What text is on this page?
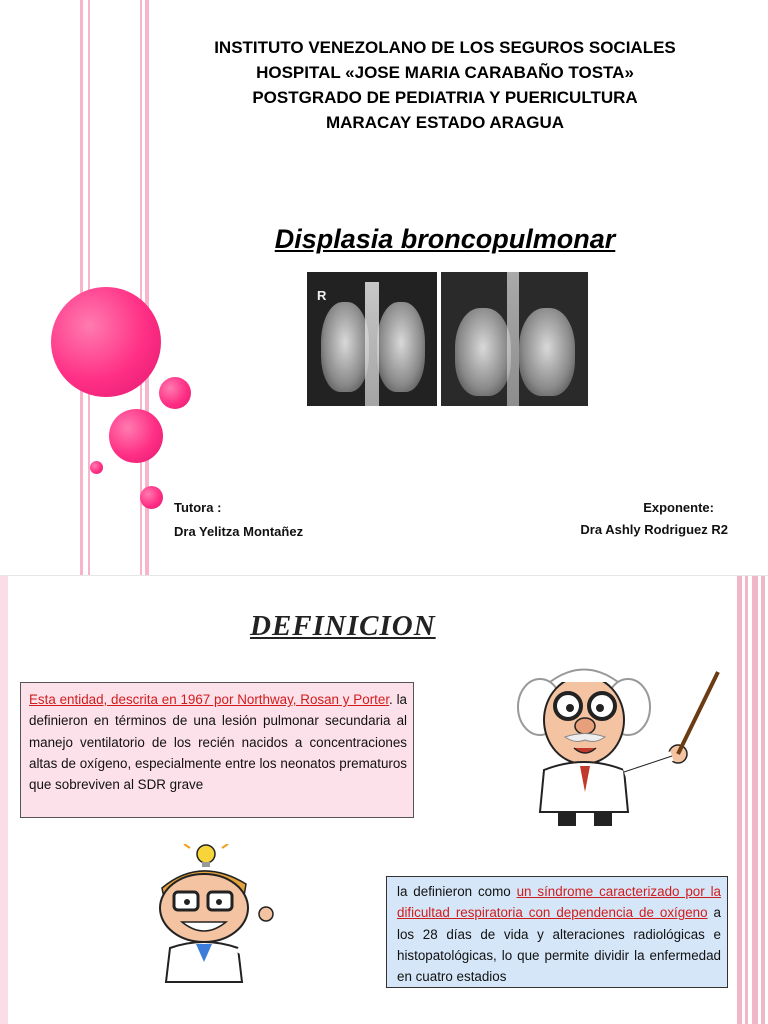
INSTITUTO VENEZOLANO DE LOS SEGUROS SOCIALES
HOSPITAL «JOSE MARIA CARABAÑO TOSTA»
POSTGRADO DE PEDIATRIA Y PUERICULTURA
MARACAY ESTADO ARAGUA
Displasia broncopulmonar
R
Tutora :
Dra Yelitza Montañez
Exponente:
Dra Ashly Rodriguez R2
DEFINICION
Esta entidad, descrita en 1967 por Northway, Rosan y Porter. la definieron en términos de una lesión pulmonar secundaria al manejo ventilatorio de los recién nacidos a concentraciones altas de oxígeno, especialmente entre los neonatos prematuros que sobreviven al SDR grave
la definieron como un síndrome caracterizado por la dificultad respiratoria con dependencia de oxígeno a los 28 días de vida y alteraciones radiológicas e histopatológicas, lo que permite dividir la enfermedad en cuatro estadios
